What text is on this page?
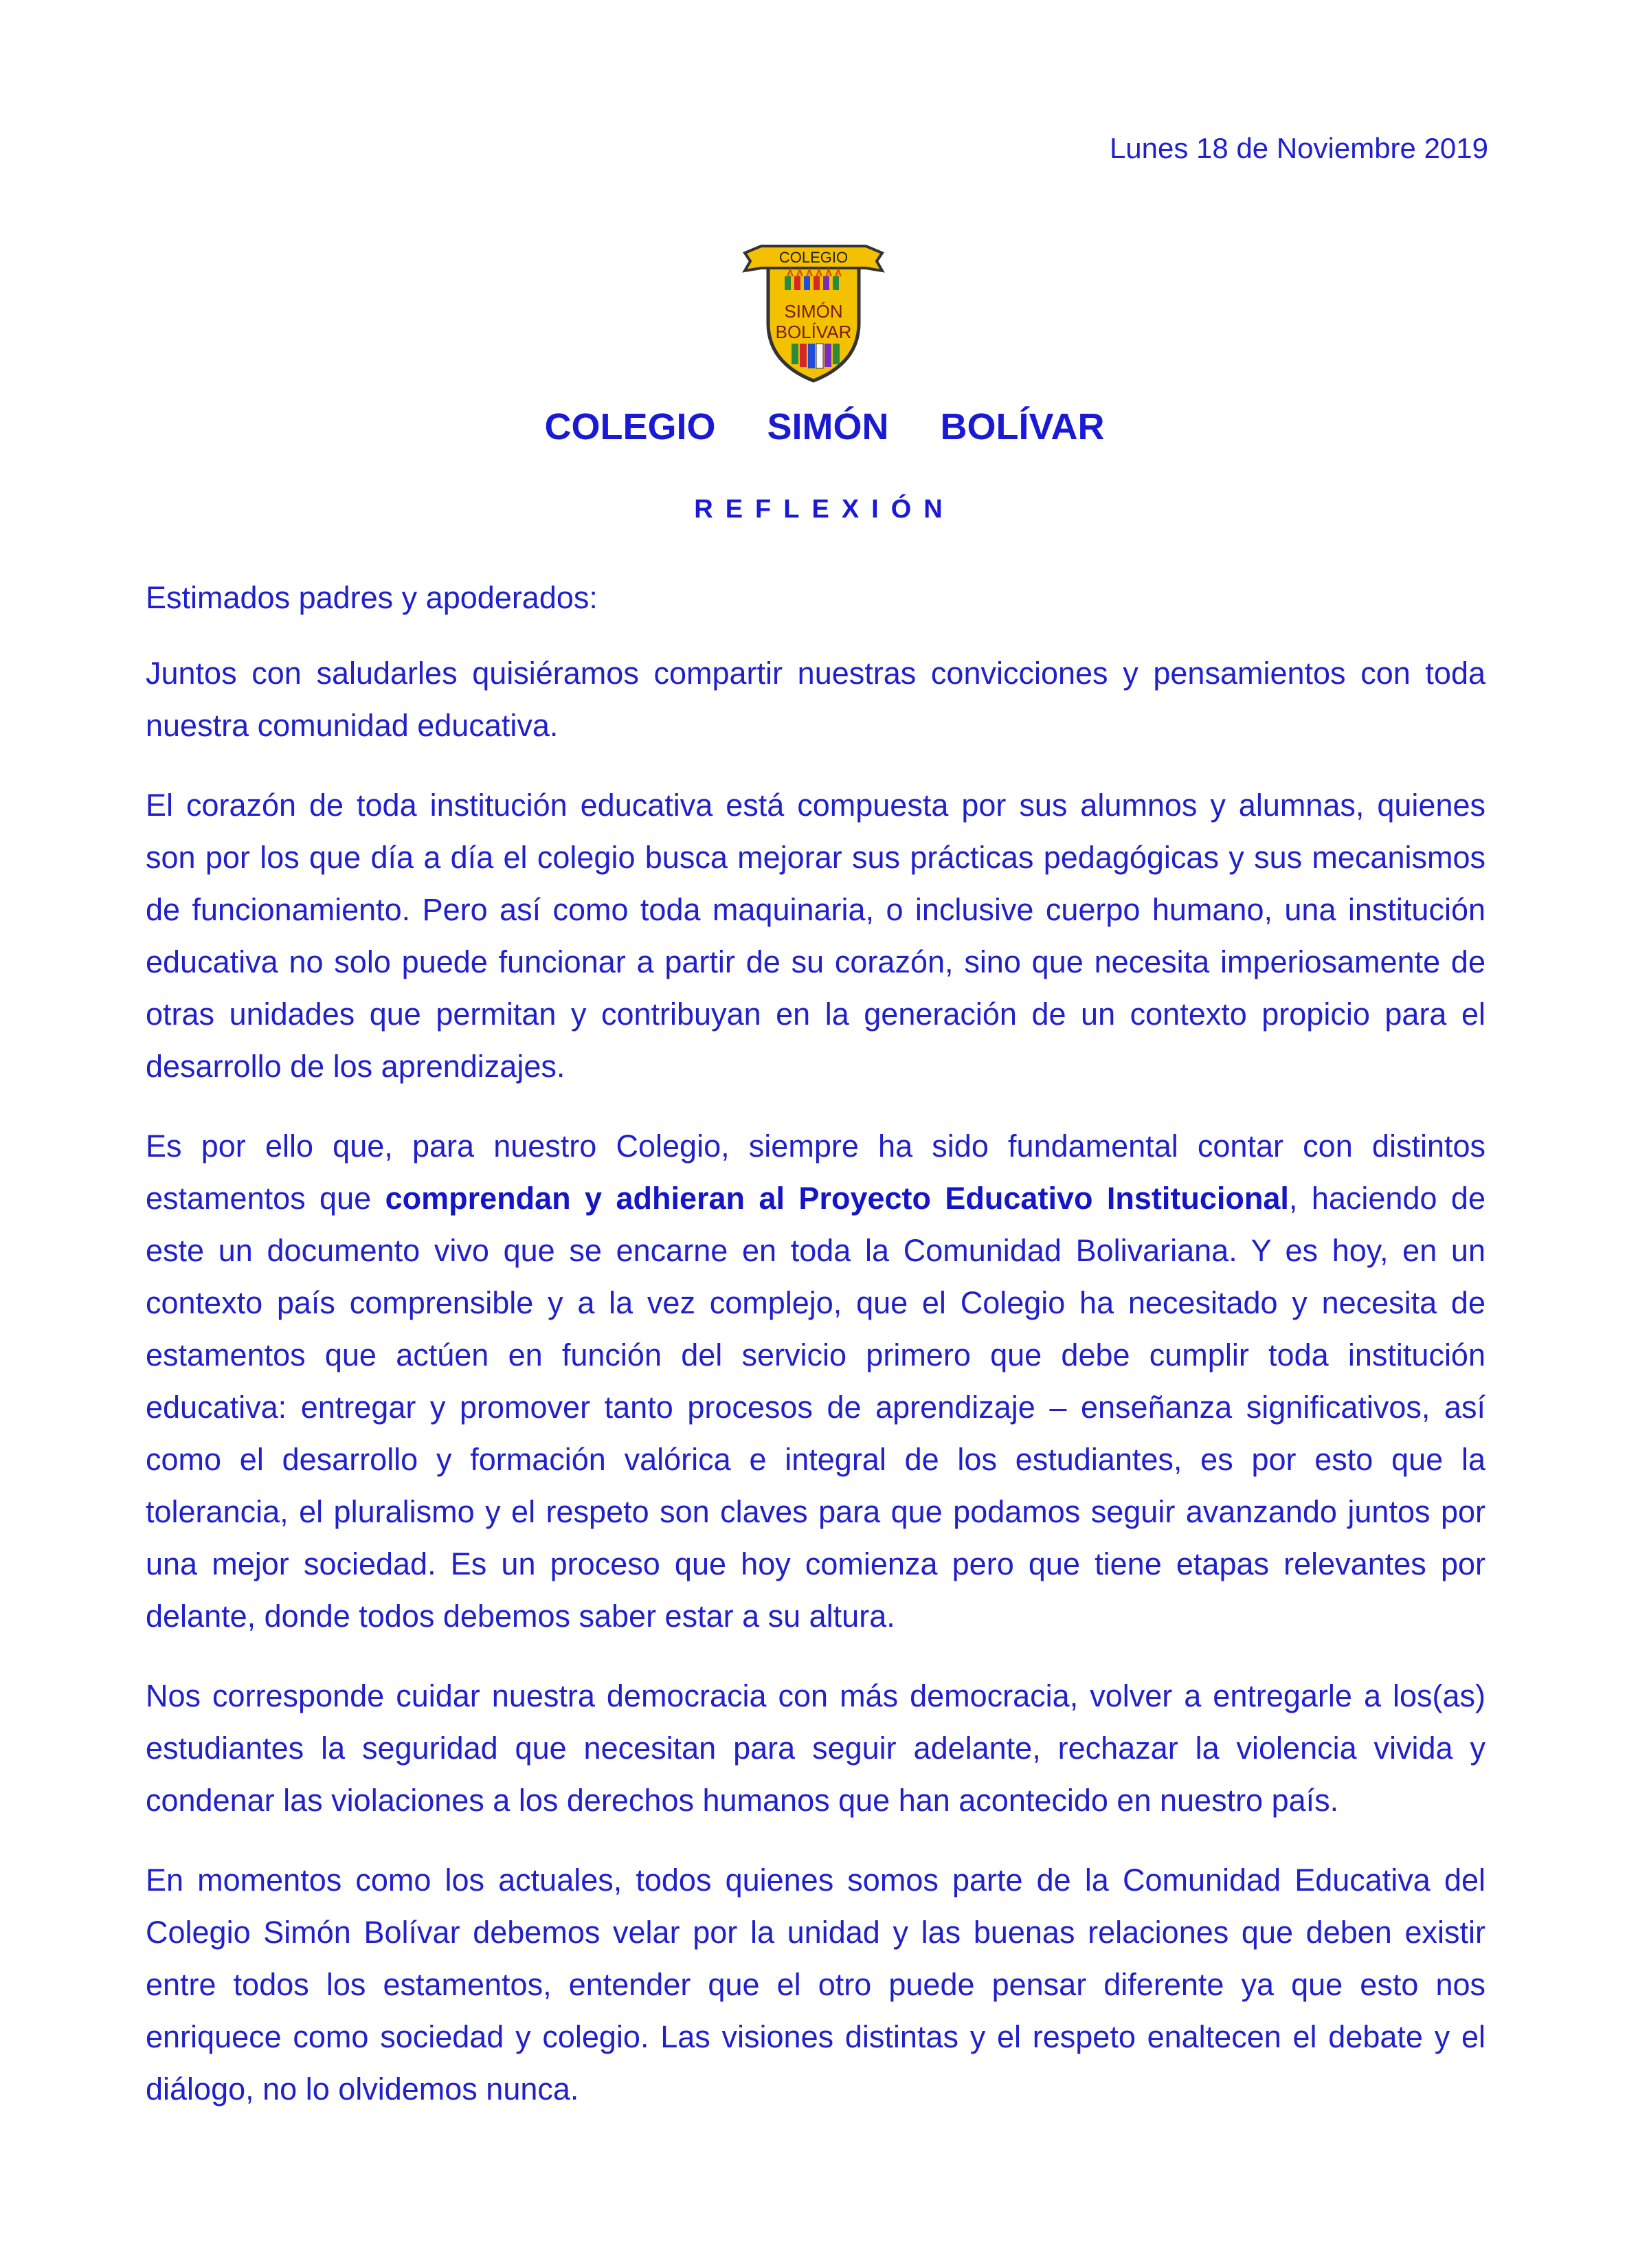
Lunes 18 de Noviembre 2019
COLEGIO
SIMÓN
BOLÍVAR
COLEGIO SIMÓN BOLÍVAR
REFLEXIÓN

Estimados padres y apoderados:

Juntos con saludarles quisiéramos compartir nuestras convicciones y pensamientos con toda nuestra comunidad educativa.

El corazón de toda institución educativa está compuesta por sus alumnos y alumnas, quienes son por los que día a día el colegio busca mejorar sus prácticas pedagógicas y sus mecanismos de funcionamiento. Pero así como toda maquinaria, o inclusive cuerpo humano, una institución educativa no solo puede funcionar a partir de su corazón, sino que necesita imperiosamente de otras unidades que permitan y contribuyan en la generación de un contexto propicio para el desarrollo de los aprendizajes.

Es por ello que, para nuestro Colegio, siempre ha sido fundamental contar con distintos estamentos que comprendan y adhieran al Proyecto Educativo Institucional, haciendo de este un documento vivo que se encarne en toda la Comunidad Bolivariana. Y es hoy, en un contexto país comprensible y a la vez complejo, que el Colegio ha necesitado y necesita de estamentos que actúen en función del servicio primero que debe cumplir toda institución educativa: entregar y promover tanto procesos de aprendizaje – enseñanza significativos, así como el desarrollo y formación valórica e integral de los estudiantes, es por esto que la tolerancia, el pluralismo y el respeto son claves para que podamos seguir avanzando juntos por una mejor sociedad. Es un proceso que hoy comienza pero que tiene etapas relevantes por delante, donde todos debemos saber estar a su altura.

Nos corresponde cuidar nuestra democracia con más democracia, volver a entregarle a los(as) estudiantes la seguridad que necesitan para seguir adelante, rechazar la violencia vivida y condenar las violaciones a los derechos humanos que han acontecido en nuestro país.

En momentos como los actuales, todos quienes somos parte de la Comunidad Educativa del Colegio Simón Bolívar debemos velar por la unidad y las buenas relaciones que deben existir entre todos los estamentos, entender que el otro puede pensar diferente ya que esto nos enriquece como sociedad y colegio. Las visiones distintas y el respeto enaltecen el debate y el diálogo, no lo olvidemos nunca.
